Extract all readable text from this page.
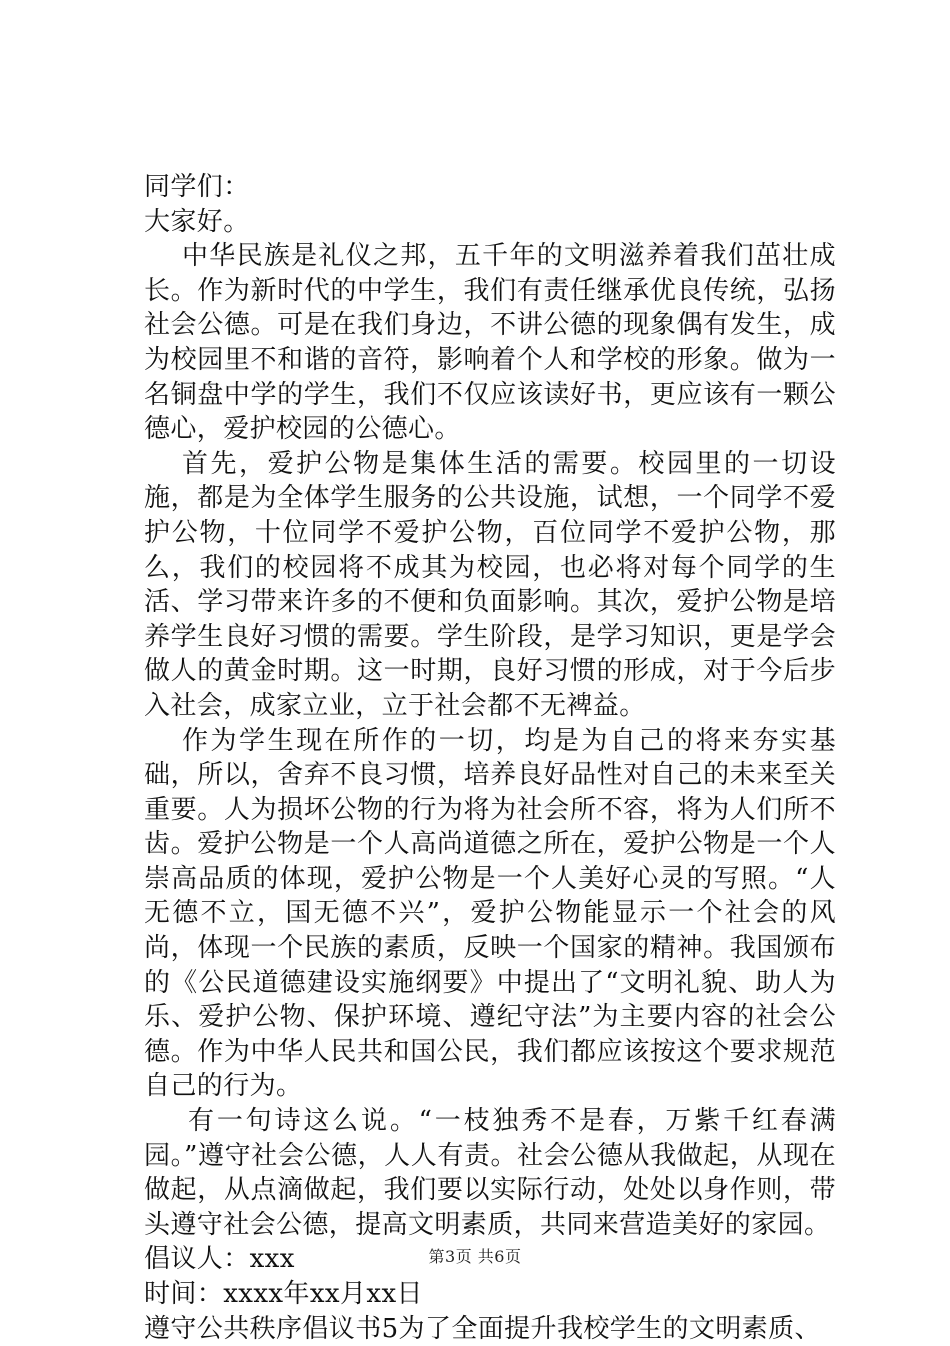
同学们：

大家好。

中华民族是礼仪之邦，五千年的文明滋养着我们茁壮成长。作为新时代的中学生，我们有责任继承优良传统，弘扬社会公德。可是在我们身边，不讲公德的现象偶有发生，成为校园里不和谐的音符，影响着个人和学校的形象。做为一名铜盘中学的学生，我们不仅应该读好书，更应该有一颗公德心，爱护校园的公德心。

首先，爱护公物是集体生活的需要。校园里的一切设施，都是为全体学生服务的公共设施，试想，一个同学不爱护公物，十位同学不爱护公物，百位同学不爱护公物，那么，我们的校园将不成其为校园，也必将对每个同学的生活、学习带来许多的不便和负面影响。其次，爱护公物是培养学生良好习惯的需要。学生阶段，是学习知识，更是学会做人的黄金时期。这一时期，良好习惯的形成，对于今后步入社会，成家立业，立于社会都不无裨益。

作为学生现在所作的一切，均是为自己的将来夯实基础，所以，舍弃不良习惯，培养良好品性对自己的未来至关重要。人为损坏公物的行为将为社会所不容，将为人们所不齿。爱护公物是一个人高尚道德之所在，爱护公物是一个人崇高品质的体现，爱护公物是一个人美好心灵的写照。“人无德不立，国无德不兴”，爱护公物能显示一个社会的风尚，体现一个民族的素质，反映一个国家的精神。我国颁布的《公民道德建设实施纲要》中提出了“文明礼貌、助人为乐、爱护公物、保护环境、遵纪守法”为主要内容的社会公德。作为中华人民共和国公民，我们都应该按这个要求规范自己的行为。

有一句诗这么说。“一枝独秀不是春，万紫千红春满园。”遵守社会公德，人人有责。社会公德从我做起，从现在做起，从点滴做起，我们要以实际行动，处处以身作则，带头遵守社会公德，提高文明素质，共同来营造美好的家园。

倡议人：xxx

时间：xxxx年xx月xx日

遵守公共秩序倡议书5为了全面提升我校学生的文明素质、

第3页 共6页
